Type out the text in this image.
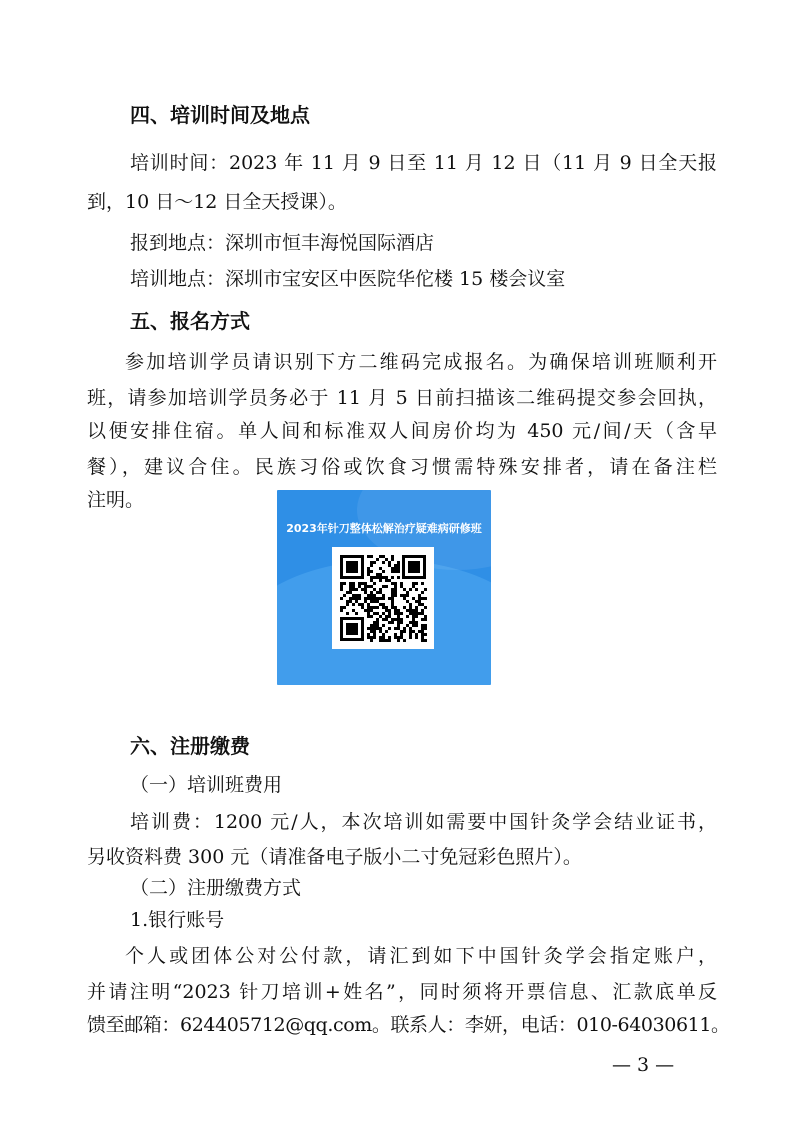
四、培训时间及地点
培训时间：2023 年 11 月 9 日至 11 月 12 日（11 月 9 日全天报
到，10 日～12 日全天授课）。
报到地点：深圳市恒丰海悦国际酒店
培训地点：深圳市宝安区中医院华佗楼 15 楼会议室
五、报名方式
参加培训学员请识别下方二维码完成报名。为确保培训班顺利开
班，请参加培训学员务必于 11 月 5 日前扫描该二维码提交参会回执，
以便安排住宿。单人间和标准双人间房价均为 450 元/间/天（含早
餐），建议合住。民族习俗或饮食习惯需特殊安排者，请在备注栏
注明。
2023年针刀整体松解治疗疑难病研修班
六、注册缴费
（一）培训班费用
培训费：1200 元/人，本次培训如需要中国针灸学会结业证书，
另收资料费 300 元（请准备电子版小二寸免冠彩色照片）。
（二）注册缴费方式
1.银行账号
个人或团体公对公付款，请汇到如下中国针灸学会指定账户，
并请注明“2023 针刀培训+姓名”，同时须将开票信息、汇款底单反
馈至邮箱：624405712@qq.com。联系人：李妍，电话：010-64030611。
— 3 —
